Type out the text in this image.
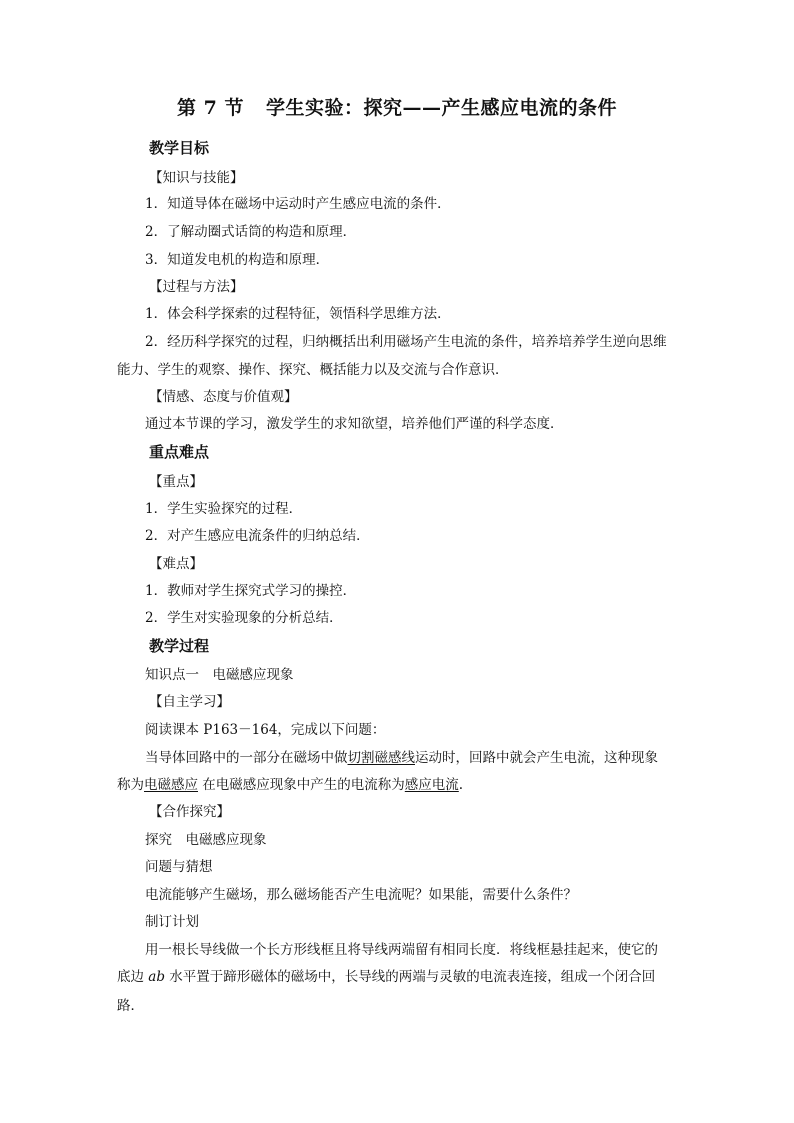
第 7 节 学生实验：探究——产生感应电流的条件
教学目标
【知识与技能】
1．知道导体在磁场中运动时产生感应电流的条件．
2．了解动圈式话筒的构造和原理．
3．知道发电机的构造和原理．
【过程与方法】
1．体会科学探索的过程特征，领悟科学思维方法．
2．经历科学探究的过程，归纳概括出利用磁场产生电流的条件，培养培养学生逆向思维
能力、学生的观察、操作、探究、概括能力以及交流与合作意识．
【情感、态度与价值观】
通过本节课的学习，激发学生的求知欲望，培养他们严谨的科学态度．
重点难点
【重点】
1．学生实验探究的过程．
2．对产生感应电流条件的归纳总结．
【难点】
1．教师对学生探究式学习的操控．
2．学生对实验现象的分析总结．
教学过程
知识点一　电磁感应现象
【自主学习】
阅读课本 P163－164，完成以下问题：
当导体回路中的一部分在磁场中做切割磁感线运动时，回路中就会产生电流，这种现象
称为电磁感应 在电磁感应现象中产生的电流称为感应电流.
【合作探究】
探究　电磁感应现象
问题与猜想
电流能够产生磁场，那么磁场能否产生电流呢？如果能，需要什么条件？
制订计划
用一根长导线做一个长方形线框且将导线两端留有相同长度．将线框悬挂起来，使它的
底边 ab 水平置于蹄形磁体的磁场中，长导线的两端与灵敏的电流表连接，组成一个闭合回
路．
